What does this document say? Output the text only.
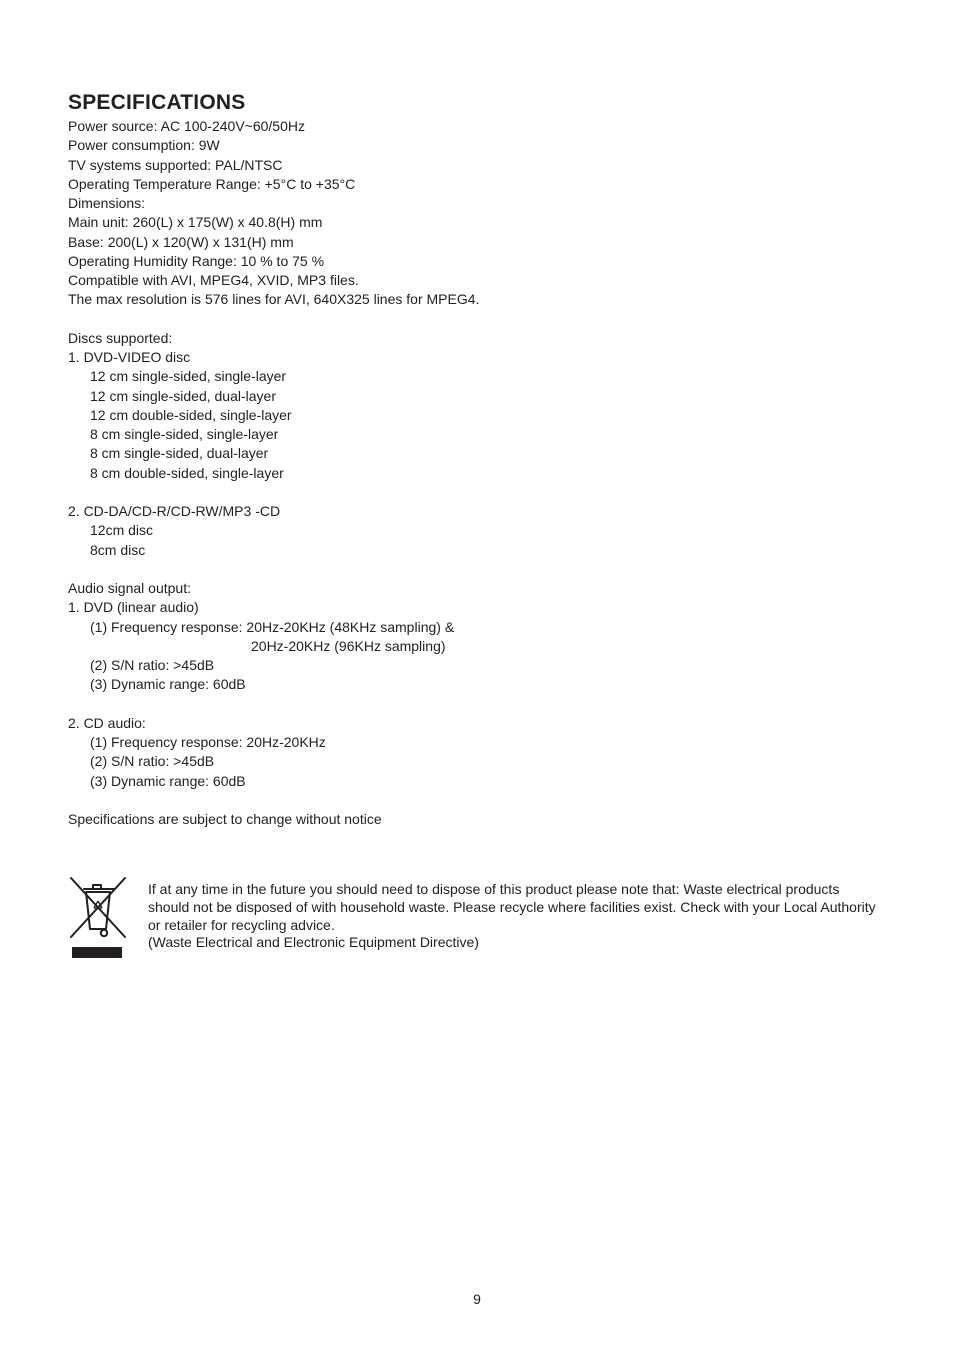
SPECIFICATIONS
Power source: AC 100-240V~60/50Hz
Power consumption: 9W
TV systems supported: PAL/NTSC
Operating Temperature Range: +5°C to +35°C
Dimensions:
Main unit: 260(L) x 175(W) x 40.8(H) mm
Base: 200(L) x 120(W) x 131(H) mm
Operating Humidity Range: 10 % to 75 %
Compatible with AVI, MPEG4, XVID, MP3 files.
The max resolution is 576 lines for AVI, 640X325 lines for MPEG4.
Discs supported:
1. DVD-VIDEO disc
12 cm single-sided, single-layer
12 cm single-sided, dual-layer
12 cm double-sided, single-layer
8 cm single-sided, single-layer
8 cm single-sided, dual-layer
8 cm double-sided, single-layer
2. CD-DA/CD-R/CD-RW/MP3 -CD
12cm disc
8cm disc
Audio signal output:
1. DVD (linear audio)
(1) Frequency response: 20Hz-20KHz (48KHz sampling) &
20Hz-20KHz (96KHz sampling)
(2) S/N ratio: >45dB
(3) Dynamic range: 60dB
2. CD audio:
(1) Frequency response: 20Hz-20KHz
(2) S/N ratio: >45dB
(3) Dynamic range: 60dB
Specifications are subject to change without notice

If at any time in the future you should need to dispose of this product please note that: Waste electrical products should not be disposed of with household waste. Please recycle where facilities exist. Check with your Local Authority or retailer for recycling advice.

(Waste Electrical and Electronic Equipment Directive)

9
